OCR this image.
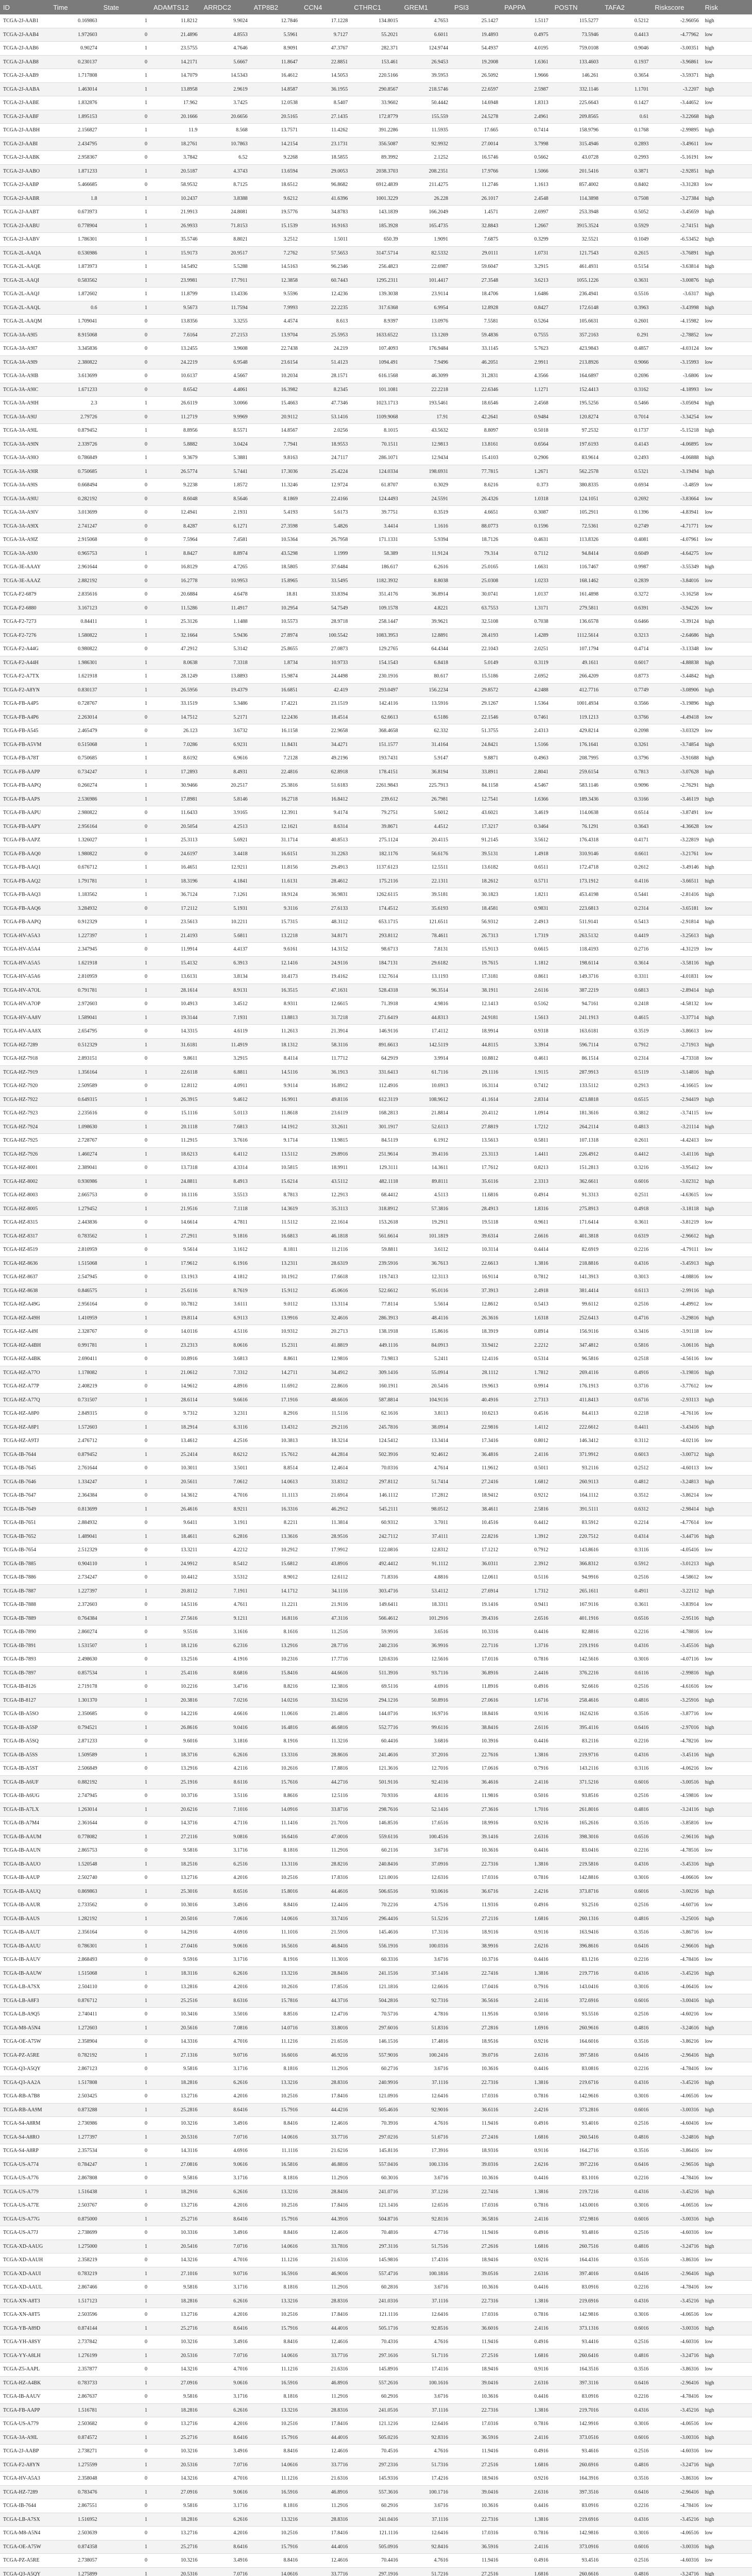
ID	Time	State	ADAMTS12	ARRDC2	ATP8B2	CCN4	CTHRC1	GREM1	PSI3	PAPPA	POSTN	TAFA2	Riskscore	Risk
TCGA-2J-AAB1	0.169863	1	11.8212	9.9024	12.7846	17.1228	134.8015	4.7653	25.1427	1.5117	115.5277	0.5212	-2.96056	high
TCGA-2J-AAB4	1.972603	0	21.4896	4.8553	5.5961	9.7127	55.2021	6.6011	19.4893	0.4975	73.5946	0.4413	-4.77962	low
TCGA-2J-AAB6	0.90274	1	23.5755	4.7646	8.9091	47.3767	282.371	124.9744	54.4937	4.0195	759.0108	0.9046	-3.00351	high
TCGA-2J-AAB8	0.230137	0	14.2171	5.6667	11.8647	22.8851	153.461	26.9453	19.2008	1.6361	133.4603	0.1937	-3.96861	low
TCGA-2J-AAB9	1.717808	1	14.7079	14.5343	16.4612	14.5053	220.5166	39.5953	26.5092	1.9666	146.261	0.3654	-3.59371	high
TCGA-2J-AABA	1.463014	1	13.8958	2.9619	14.8587	36.1955	290.8567	218.5746	22.6597	2.5987	332.1146	1.1701	-3.2207	high
TCGA-2J-AABE	1.832876	1	17.962	3.7425	12.0538	8.5407	33.9602	50.4442	14.6948	1.8313	225.6643	0.1427	-3.44652	low
TCGA-2J-AABF	1.895153	0	20.1666	20.6656	20.5165	27.1435	172.8779	155.559	24.5278	2.4961	209.8565	0.61	-3.22668	high
TCGA-2J-AABH	2.156827	1	11.9	8.568	13.7571	11.4262	391.2286	11.5935	17.665	0.7414	158.9796	0.1768	-2.99895	high
TCGA-2J-AABI	2.434795	0	18.2761	10.7863	14.2154	23.1731	356.5087	92.9932	27.0014	3.7998	315.4946	0.2893	-3.49611	low
TCGA-2J-AABK	2.958367	0	3.7842	6.52	9.2268	18.5855	89.3992	2.1252	16.5746	0.5662	43.0728	0.2993	-5.16191	low
TCGA-2J-AABO	1.871233	1	20.5187	4.3743	13.6594	29.0053	2038.3703	208.2351	17.9766	1.5066	201.5416	0.3871	-2.92851	high
TCGA-2J-AABP	5.466685	0	58.9532	8.7125	18.6512	96.8682	6912.4839	211.4275	11.2746	1.1613	857.4002	0.8402	-3.31283	low
TCGA-2J-AABR	1.8	1	10.2437	3.8388	9.6212	41.6396	1001.3229	26.228	26.1017	2.4548	114.3898	0.7508	-3.27384	high
TCGA-2J-AABT	0.673973	1	21.9913	24.8081	19.5776	34.8783	143.1839	166.2049	1.4571	2.6997	253.3948	0.5052	-3.45659	high
TCGA-2J-AABU	0.778904	1	26.9933	71.8153	15.1539	16.9163	185.3928	165.4735	32.8843	1.2667	3915.3524	0.5929	-2.74151	high
TCGA-2J-AABV	1.786301	1	35.5746	8.8021	3.2512	1.5011	650.39	1.9091	7.6875	0.3299	32.5521	0.1049	-6.53452	high
TCGA-2L-AAQA	0.536986	1	15.9173	20.9517	7.2762	57.5653	3147.5714	82.5332	29.0111	1.0731	121.7543	0.2615	-3.76891	high
TCGA-2L-AAQE	1.873973	1	14.5492	5.5288	14.5163	96.2346	256.4823	22.6987	59.6047	3.2915	461.4931	0.5154	-3.63814	high
TCGA-2L-AAQI	0.583562	1	23.9981	17.7911	12.3858	60.7443	1295.2311	101.4417	27.3548	3.6213	1055.1226	0.3631	-3.00876	high
TCGA-2L-AAQJ	1.872602	1	11.8799	13.4336	9.5596	12.4236	139.3038	23.9114	18.4706	1.6486	236.4941	0.5516	-3.6317	high
TCGA-2L-AAQL	0.6	1	9.5673	11.7594	7.9993	22.2235	317.6368	6.9954	12.8928	0.8427	172.6148	0.3963	-3.43998	high
TCGA-2L-AAQM	1.709041	0	13.8356	3.3255	4.4574	8.613	8.9397	13.0976	7.5581	0.5264	105.6631	0.2601	-4.15982	low
TCGA-3A-A9I5	8.915068	0	7.6164	27.2153	13.9704	25.5953	1633.6522	13.1269	59.4836	0.7555	357.2163	0.291	-2.78852	low
TCGA-3A-A9I7	3.345836	0	13.2455	3.9608	22.7438	24.219	107.4093	176.9484	33.1145	5.7623	423.9843	0.4857	-4.03124	low
TCGA-3A-A9I9	2.380822	0	24.2219	6.9548	23.6154	51.4123	1094.491	7.9496	46.2051	2.9911	213.8926	0.9066	-3.15993	low
TCGA-3A-A9IB	3.613699	0	10.6137	4.5667	10.2034	28.1571	616.1568	46.3099	31.2831	4.3566	164.6897	0.2696	-3.6806	low
TCGA-3A-A9IC	1.671233	0	8.6542	4.4061	16.3982	8.2345	101.1081	22.2218	22.6346	1.1271	152.4413	0.3162	-4.18993	low
TCGA-3A-A9IH	2.3	1	26.6119	3.0066	15.4663	47.7346	1023.1713	193.5461	18.6546	2.4568	195.5256	0.5466	-3.05694	high
TCGA-3A-A9IJ	2.79726	0	11.2719	9.9969	20.9112	53.1416	1109.9068	17.91	42.2641	0.9484	120.8274	0.7014	-3.34254	low
TCGA-3A-A9IL	0.879452	1	8.8956	8.5571	14.8567	2.0256	8.1015	43.5632	8.8097	0.5018	97.2532	0.1737	-5.15218	high
TCGA-3A-A9IN	2.339726	0	5.8882	3.0424	7.7941	18.9553	70.1511	12.9813	13.8161	0.6564	197.6193	0.4143	-4.06895	low
TCGA-3A-A9IO	0.786849	1	9.3679	5.3881	9.8163	24.7117	286.1071	12.9434	15.4103	0.2906	83.9614	0.2493	-4.06888	high
TCGA-3A-A9IR	0.750685	1	26.5774	5.7441	17.3036	25.4224	124.0334	198.6931	77.7815	1.2671	562.2578	0.5321	-3.19494	high
TCGA-3A-A9IS	0.668494	0	9.2238	1.8572	11.3246	12.9724	61.8707	0.3029	8.6216	0.373	380.8335	0.6934	-3.4859	low
TCGA-3A-A9IU	0.282192	0	8.6048	8.5646	8.1869	22.4166	124.4493	24.5591	26.4326	1.0318	124.1051	0.2692	-3.83664	low
TCGA-3A-A9IV	3.013699	0	12.4941	2.1931	5.4193	5.6173	39.7751	0.3519	4.6651	0.3087	105.2911	0.1396	-4.83941	low
TCGA-3A-A9IX	2.741247	0	8.4287	6.1271	27.3598	5.4826	3.4414	1.1616	88.0773	0.1596	72.5361	0.2749	-4.71771	low
TCGA-3A-A9IZ	2.915068	0	7.5964	7.4581	10.5364	26.7958	171.1331	5.9394	18.7126	0.4631	113.8326	0.4081	-4.07961	low
TCGA-3A-A9J0	0.965753	1	8.8427	8.8974	43.5298	1.1999	58.389	11.9124	79.314	0.7112	94.8414	0.6049	-4.64275	low
TCGA-3E-AAAY	2.961644	0	16.8129	4.7265	18.5805	37.6484	186.617	6.2616	25.0165	1.6631	116.7467	0.9987	-3.55349	high
TCGA-3E-AAAZ	2.882192	0	16.2778	10.9953	15.8965	33.5495	1182.3932	8.8038	25.0308	1.0233	168.1462	0.2839	-3.84016	low
TCGA-F2-6879	2.835616	0	20.6884	4.6478	18.81	33.8394	351.4176	36.8914	30.0741	1.0137	161.4898	0.3272	-3.16258	low
TCGA-F2-6880	3.167123	0	11.5286	11.4917	10.2954	54.7549	109.1578	4.8221	63.7553	1.3171	279.5811	0.6391	-3.94226	low
TCGA-F2-7273	0.84411	1	25.3126	1.1488	10.5573	28.9718	258.1447	39.9621	32.5108	0.7038	136.6578	0.6466	-3.39124	high
TCGA-F2-7276	1.580822	1	32.1664	5.9436	27.8974	100.5542	1083.3953	12.8891	28.4193	1.4289	1112.5614	0.3213	-2.64686	high
TCGA-F2-A44G	0.980822	0	47.2912	5.3142	25.8655	27.0873	129.2765	64.4344	22.1043	2.0251	107.1794	0.4714	-3.13348	low
TCGA-F2-A44H	1.986301	1	8.0638	7.3318	1.8734	10.9733	154.1543	6.8418	5.0149	0.3119	49.1611	0.6017	-4.88838	high
TCGA-F2-A7TX	1.621918	1	28.1249	13.8893	15.9874	24.4498	230.1916	80.617	15.5186	2.6952	266.4209	0.8773	-3.44842	high
TCGA-F2-A8YN	0.830137	1	26.5956	19.4379	16.6851	42.419	293.0497	156.2234	29.8572	4.2488	412.7716	0.7749	-3.08906	high
TCGA-FB-A4P5	0.728767	1	33.1519	5.3486	17.4221	23.1519	142.4116	13.5916	29.1267	1.5364	1001.4934	0.3566	-3.19896	high
TCGA-FB-A4P6	2.263014	0	14.7512	5.2171	12.2436	18.4514	62.6613	6.5186	22.1546	0.7461	119.1213	0.3766	-4.49418	low
TCGA-FB-A545	2.465479	0	26.123	3.6732	16.1158	22.9658	368.4658	62.332	51.3755	2.4313	429.8214	0.2098	-3.03329	low
TCGA-FB-A5VM	0.515068	1	7.0286	6.9231	11.8431	34.4271	151.1577	31.4164	24.8421	1.5166	176.1641	0.3261	-3.74854	high
TCGA-FB-A78T	0.750685	1	8.6192	6.9616	7.2128	49.2196	193.7431	5.9147	9.8871	0.4963	208.7995	0.3796	-3.91688	high
TCGA-FB-AAPP	0.734247	1	17.2893	8.4931	22.4816	62.8918	178.4151	36.8194	33.8911	2.8041	259.6154	0.7813	-3.07628	high
TCGA-FB-AAPQ	0.260274	1	30.9466	20.2517	25.3816	51.6183	2261.9843	225.7913	84.1158	4.5467	583.1146	0.9096	-2.76291	high
TCGA-FB-AAPS	2.536986	1	17.8981	5.8146	16.2718	16.8412	239.612	26.7981	12.7541	1.6366	189.3436	0.3166	-3.46119	high
TCGA-FB-AAPU	2.980822	0	11.6433	3.9165	12.3911	9.4174	79.2751	5.6012	43.6021	3.4619	114.0638	0.6514	-3.87491	low
TCGA-FB-AAPY	2.956164	0	20.5054	4.2513	12.1621	8.6314	39.8671	4.4512	17.3217	0.3464	76.1291	0.3643	-4.36628	low
TCGA-FB-AAPZ	1.326027	1	25.3113	5.6921	31.1714	40.8513	275.1124	20.4115	91.2145	3.5612	176.4318	0.4171	-3.22819	high
TCGA-FB-AAQ0	1.980822	0	24.6197	3.4418	16.6151	31.2263	182.1176	56.6176	39.5131	1.4918	310.9146	0.6611	-3.21761	low
TCGA-FB-AAQ1	0.676712	1	16.4651	12.9211	11.8156	29.4913	1137.6123	12.5511	13.6182	0.6511	172.4718	0.2612	-3.49146	high
TCGA-FB-AAQ2	1.791781	1	18.3196	4.1841	11.6131	28.4612	175.2116	22.1311	18.2612	0.5711	173.1912	0.4116	-3.66511	high
TCGA-FB-AAQ3	1.183562	1	36.7124	7.1261	18.9124	36.9831	1262.6115	39.5181	30.1823	1.8211	453.4198	0.5441	-2.81416	high
TCGA-FB-AAQ6	3.284932	0	17.2112	5.1931	9.3116	27.6133	174.4512	35.6193	18.4581	0.9831	223.6813	0.2314	-3.65181	low
TCGA-FB-AAPQ	0.912329	1	23.5613	10.2211	15.7315	48.3112	653.1715	121.6511	56.9312	2.4913	511.9141	0.5413	-2.91814	high
TCGA-HV-A5A3	1.227397	1	21.4193	5.6811	13.2218	34.8171	293.8112	78.4611	26.7313	1.7319	263.5132	0.4419	-3.25613	high
TCGA-HV-A5A4	2.347945	0	11.9914	4.4137	9.6161	14.3152	98.6713	7.8131	15.9113	0.6615	118.4193	0.2716	-4.31219	low
TCGA-HV-A5A5	1.621918	1	15.4132	6.3913	12.1416	24.9116	184.7131	29.6182	19.7615	1.1812	198.6114	0.3614	-3.58116	high
TCGA-HV-A5A6	2.810959	0	13.6131	3.8134	10.4173	19.4162	132.7614	13.1193	17.3181	0.8611	149.3716	0.3311	-4.01831	low
TCGA-HV-A7OL	0.791781	1	28.1614	8.9131	16.3515	47.1631	528.4318	96.3514	38.1911	2.6116	387.2219	0.6813	-2.89414	high
TCGA-HV-A7OP	2.972603	0	10.4913	3.4512	8.9311	12.6615	71.3918	4.9816	12.1413	0.5162	94.7161	0.2418	-4.58132	low
TCGA-HV-AA8V	1.589041	1	19.3144	7.1931	13.8813	31.7218	271.6419	44.8313	24.9181	1.5613	241.1913	0.4615	-3.37714	high
TCGA-HV-AA8X	2.654795	0	14.3315	4.6119	11.2613	21.3914	146.9116	17.4112	18.9914	0.9318	163.6181	0.3519	-3.86613	low
TCGA-HZ-7289	0.512329	1	31.6181	11.4919	18.1312	58.3116	891.6613	142.5119	44.8115	3.3914	596.7114	0.7912	-2.71913	high
TCGA-HZ-7918	2.893151	0	9.8611	3.2915	8.4114	11.7712	64.2919	3.9914	10.8812	0.4611	86.1514	0.2314	-4.73318	low
TCGA-HZ-7919	1.356164	1	22.6118	6.8811	14.5116	36.1913	331.6413	61.7116	29.1116	1.9115	287.9913	0.5119	-3.14816	high
TCGA-HZ-7920	2.509589	0	12.8112	4.0911	9.9114	16.8912	112.4916	10.6913	16.3114	0.7412	133.5112	0.2913	-4.16615	low
TCGA-HZ-7922	0.649315	1	26.3915	9.4612	16.9911	49.8116	612.3119	108.9612	41.1614	2.8314	423.8818	0.6515	-2.94419	high
TCGA-HZ-7923	2.235616	0	15.1116	5.0113	11.8618	23.6119	168.2813	21.8814	20.4112	1.0914	181.3616	0.3812	-3.74115	low
TCGA-HZ-7924	1.098630	1	20.1118	7.6813	14.1912	33.2611	301.1917	52.6113	27.8819	1.7212	264.2114	0.4813	-3.21114	high
TCGA-HZ-7925	2.728767	0	11.2915	3.7616	9.1714	13.9815	84.5119	6.1912	13.5613	0.5811	107.1318	0.2611	-4.42413	low
TCGA-HZ-7926	1.460274	1	18.6213	6.4112	13.5112	29.8916	251.9614	39.4116	23.3113	1.4411	226.4912	0.4412	-3.41116	high
TCGA-HZ-8001	2.389041	0	13.7318	4.3314	10.5815	18.9911	129.3111	14.3611	17.7612	0.8213	151.2813	0.3216	-3.95412	low
TCGA-HZ-8002	0.936986	1	24.8811	8.4913	15.6214	43.5112	482.1118	89.8111	35.6116	2.3313	362.6611	0.6016	-3.02312	high
TCGA-HZ-8003	2.665753	0	10.1116	3.5513	8.7813	12.2913	68.4412	4.5113	11.6816	0.4914	91.3313	0.2511	-4.63615	low
TCGA-HZ-8005	1.279452	1	21.9516	7.1118	14.3619	35.3113	318.8912	57.3816	28.4913	1.8316	275.8913	0.4918	-3.18118	high
TCGA-HZ-8315	2.443836	0	14.6614	4.7811	11.5112	22.1614	153.2618	19.2911	19.5118	0.9611	171.6414	0.3611	-3.81219	low
TCGA-HZ-8317	0.783562	1	27.2911	9.1816	16.6813	46.1818	561.6614	101.1819	39.6314	2.6616	401.3818	0.6319	-2.96612	high
TCGA-HZ-8519	2.810959	0	9.5614	3.1612	8.1811	11.2116	59.8811	3.6112	10.3114	0.4414	82.6919	0.2216	-4.79111	low
TCGA-HZ-8636	1.515068	1	17.9612	6.1916	13.2311	28.6319	239.5916	36.7613	22.6613	1.3816	218.8816	0.4316	-3.45913	high
TCGA-HZ-8637	2.547945	0	13.1913	4.1812	10.1912	17.6618	119.7413	12.3113	16.9114	0.7812	141.3913	0.3013	-4.08816	low
TCGA-HZ-8638	0.846575	1	25.6116	8.7619	15.9112	45.0616	522.6612	95.0116	37.3913	2.4918	381.4414	0.6113	-2.99116	high
TCGA-HZ-A49G	2.956164	0	10.7812	3.6111	9.0112	13.3114	77.8114	5.5614	12.8612	0.5413	99.6112	0.2516	-4.49912	low
TCGA-HZ-A49H	1.410959	1	19.8114	6.9113	13.9916	32.4616	286.3913	48.4116	26.3616	1.6318	252.6413	0.4716	-3.29816	high
TCGA-HZ-A49I	2.328767	0	14.0116	4.5116	10.9312	20.2713	138.1918	15.8616	18.3919	0.8914	156.9116	0.3416	-3.91118	low
TCGA-HZ-A4BH	0.991781	1	23.2313	8.0616	15.2311	41.8819	449.1116	84.0913	33.9412	2.2212	347.4812	0.5816	-3.06116	high
TCGA-HZ-A4BK	2.690411	0	10.8916	3.6813	8.8611	12.9816	73.9813	5.2411	12.4116	0.5314	96.5816	0.2518	-4.56116	low
TCGA-HZ-A77O	1.178082	1	21.0612	7.3312	14.2711	34.4912	309.1416	55.0914	28.1112	1.7812	269.4116	0.4916	-3.19816	high
TCGA-HZ-A77P	2.408219	0	14.9612	4.8916	11.6912	22.8616	160.1911	20.5416	19.9613	0.9914	176.1913	0.3716	-3.77612	low
TCGA-HZ-A77Q	0.731507	1	28.6114	9.6616	17.1916	48.6616	587.8814	104.9116	40.4916	2.7313	411.8413	0.6716	-2.93113	high
TCGA-HZ-A8P0	2.849315	0	9.7312	3.2311	8.2916	11.5116	62.1616	3.8113	10.6213	0.4516	84.4113	0.2218	-4.76116	low
TCGA-HZ-A8P1	1.572603	1	18.2914	6.3116	13.4312	29.2116	245.7816	38.0914	22.9816	1.4112	222.6612	0.4411	-3.43416	high
TCGA-HZ-A9TJ	2.476712	0	13.4612	4.2516	10.3813	18.3214	124.5412	13.3414	17.3416	0.8012	146.3412	0.3112	-4.02116	low
TCGA-IB-7644	0.879452	1	25.2414	8.6212	15.7612	44.2814	502.3916	92.4612	36.4816	2.4116	371.9912	0.6013	-3.00712	high
TCGA-IB-7645	2.761644	0	10.3011	3.5011	8.8514	12.4614	70.0316	4.7614	11.9612	0.5011	93.2116	0.2512	-4.60113	low
TCGA-IB-7646	1.334247	1	20.5611	7.0612	14.0613	33.8312	297.8112	51.7414	27.2416	1.6812	260.9113	0.4812	-3.24813	high
TCGA-IB-7647	2.364384	0	14.3612	4.7016	11.1113	21.6914	146.1112	17.2812	18.9412	0.9212	164.1112	0.3512	-3.86214	low
TCGA-IB-7649	0.813699	1	26.4616	8.9211	16.3316	46.2912	545.2111	98.0512	38.4611	2.5816	391.5111	0.6312	-2.98414	high
TCGA-IB-7651	2.884932	0	9.6411	3.1911	8.2211	11.3814	60.9312	3.7011	10.4516	0.4412	83.5912	0.2214	-4.77614	low
TCGA-IB-7652	1.489041	1	18.4611	6.2816	13.3616	28.9516	242.7112	37.4111	22.8216	1.3912	220.7512	0.4314	-3.44716	high
TCGA-IB-7654	2.512329	0	13.3211	4.2212	10.2912	17.9912	122.0816	12.8312	17.1212	0.7912	143.8616	0.3116	-4.05416	low
TCGA-IB-7885	0.904110	1	24.9912	8.5412	15.6812	43.8916	492.4412	91.1112	36.0311	2.3912	366.8312	0.5912	-3.01213	high
TCGA-IB-7886	2.734247	0	10.4412	3.5312	8.9012	12.6112	71.8316	4.8816	12.0611	0.5116	94.9916	0.2516	-4.58612	low
TCGA-IB-7887	1.227397	1	20.8112	7.1911	14.1712	34.1116	303.4716	53.4112	27.6914	1.7312	265.1611	0.4911	-3.22112	high
TCGA-IB-7888	2.372603	0	14.5116	4.7611	11.2211	21.9116	149.6411	18.3311	19.1416	0.9411	167.9116	0.3611	-3.83914	low
TCGA-IB-7889	0.764384	1	27.5616	9.1211	16.8116	47.3116	566.4612	101.2916	39.4316	2.6516	401.1916	0.6516	-2.95116	high
TCGA-IB-7890	2.860274	0	9.5516	3.1616	8.1616	11.2516	59.9916	3.6516	10.3316	0.4416	82.8816	0.2216	-4.78816	low
TCGA-IB-7891	1.531507	1	18.1216	6.2316	13.2916	28.7716	240.2316	36.9916	22.7116	1.3716	219.1916	0.4316	-3.45516	high
TCGA-IB-7893	2.498630	0	13.2516	4.1916	10.2316	17.7716	120.6316	12.5616	17.0116	0.7816	142.5616	0.3016	-4.07116	low
TCGA-IB-7897	0.857534	1	25.4116	8.6816	15.8416	44.6616	511.3916	93.7116	36.8916	2.4416	376.2216	0.6116	-2.99816	high
TCGA-IB-8126	2.719178	0	10.2216	3.4716	8.8216	12.3816	69.5116	4.6916	11.8916	0.4916	92.6616	0.2516	-4.61616	low
TCGA-IB-8127	1.301370	1	20.3816	7.0216	14.0216	33.6216	294.1216	50.8916	27.0616	1.6716	258.4616	0.4816	-3.25916	high
TCGA-IB-A5SO	2.350685	0	14.2216	4.6616	11.0616	21.4816	144.0716	16.9716	18.8416	0.9116	162.6216	0.3516	-3.87716	low
TCGA-IB-A5SP	0.794521	1	26.8616	9.0416	16.4816	46.6816	552.7716	99.6116	38.8416	2.6116	395.4116	0.6416	-2.97016	high
TCGA-IB-A5SQ	2.871233	0	9.6016	3.1816	8.1916	11.3216	60.4416	3.6816	10.3916	0.4416	83.2116	0.2216	-4.78216	low
TCGA-IB-A5SS	1.509589	1	18.3716	6.2616	13.3316	28.8616	241.4616	37.2016	22.7616	1.3816	219.9716	0.4316	-3.45116	high
TCGA-IB-A5ST	2.506849	0	13.2916	4.2116	10.2616	17.8816	121.3616	12.7016	17.0616	0.7916	143.2116	0.3116	-4.06216	low
TCGA-IB-A6UF	0.882192	1	25.1916	8.6116	15.7616	44.2716	501.9116	92.4116	36.4616	2.4116	371.5216	0.6016	-3.00516	high
TCGA-IB-A6UG	2.747945	0	10.3716	3.5116	8.8616	12.5116	70.9316	4.8116	11.9816	0.5016	93.8516	0.2516	-4.59816	low
TCGA-IB-A7LX	1.263014	1	20.6216	7.1016	14.0916	33.8716	298.7616	52.1416	27.3616	1.7016	261.8016	0.4816	-3.24116	high
TCGA-IB-A7M4	2.361644	0	14.3716	4.7116	11.1416	21.7016	146.8516	17.6516	18.9916	0.9216	165.2616	0.3516	-3.85816	low
TCGA-IB-AAUM	0.778082	1	27.2116	9.0816	16.6416	47.0016	559.6116	100.4516	39.1416	2.6316	398.3016	0.6516	-2.96116	high
TCGA-IB-AAUN	2.865753	0	9.5816	3.1716	8.1816	11.2916	60.2116	3.6716	10.3616	0.4416	83.0416	0.2216	-4.78516	low
TCGA-IB-AAUO	1.520548	1	18.2516	6.2516	13.3116	28.8216	240.8416	37.0916	22.7316	1.3816	219.5816	0.4316	-3.45316	high
TCGA-IB-AAUP	2.502740	0	13.2716	4.2016	10.2516	17.8316	121.0016	12.6316	17.0316	0.7816	142.8816	0.3016	-4.06616	low
TCGA-IB-AAUQ	0.869863	1	25.3016	8.6516	15.8016	44.4616	506.6516	93.0616	36.6716	2.4216	373.8716	0.6016	-3.00216	high
TCGA-IB-AAUR	2.733562	0	10.3016	3.4916	8.8416	12.4416	70.2216	4.7516	11.9316	0.4916	93.2516	0.2516	-4.60716	low
TCGA-IB-AAUS	1.282192	1	20.5016	7.0616	14.0616	33.7416	296.4416	51.5216	27.2116	1.6816	260.1316	0.4816	-3.25016	high
TCGA-IB-AAUT	2.356164	0	14.2916	4.6916	11.1016	21.5916	145.4616	17.3116	18.9116	0.9116	163.9416	0.3516	-3.86716	low
TCGA-IB-AAUU	0.786301	1	27.0416	9.0616	16.5616	46.8416	556.1916	100.0316	38.9916	2.6216	396.8616	0.6416	-2.96616	high
TCGA-IB-AAUV	2.868493	0	9.5916	3.1716	8.1916	11.3016	60.3316	3.6716	10.3716	0.4416	83.1216	0.2216	-4.78416	low
TCGA-IB-AAUW	1.515068	1	18.3116	6.2616	13.3216	28.8416	241.1516	37.1416	22.7416	1.3816	219.7716	0.4316	-3.45216	high
TCGA-LB-A7SX	2.504110	0	13.2816	4.2016	10.2616	17.8516	121.1816	12.6616	17.0416	0.7916	143.0416	0.3016	-4.06416	low
TCGA-LB-A8F3	0.876712	1	25.2516	8.6316	15.7816	44.3716	504.2816	92.7316	36.5616	2.4116	372.6916	0.6016	-3.00416	high
TCGA-LB-A9Q5	2.740411	0	10.3416	3.5016	8.8516	12.4716	70.5716	4.7816	11.9516	0.5016	93.5516	0.2516	-4.60216	low
TCGA-M8-A5N4	1.272603	1	20.5616	7.0816	14.0716	33.8016	297.6016	51.8316	27.2816	1.6916	260.9616	0.4816	-3.24616	high
TCGA-OE-A75W	2.358904	0	14.3316	4.7016	11.1216	21.6516	146.1516	17.4816	18.9516	0.9216	164.6016	0.3516	-3.86216	low
TCGA-PZ-A5RE	0.782192	1	27.1316	9.0716	16.6016	46.9216	557.9016	100.2416	39.0716	2.6316	397.5816	0.6416	-2.96416	high
TCGA-Q3-A5QY	2.867123	0	9.5816	3.1716	8.1816	11.2916	60.2716	3.6716	10.3616	0.4416	83.0816	0.2216	-4.78416	low
TCGA-Q3-AA2A	1.517808	1	18.2816	6.2616	13.3216	28.8316	240.9916	37.1116	22.7316	1.3816	219.6716	0.4316	-3.45216	high
TCGA-RB-A7B8	2.503425	0	13.2716	4.2016	10.2516	17.8416	121.0916	12.6416	17.0316	0.7816	142.9616	0.3016	-4.06516	low
TCGA-RB-AA9M	0.873288	1	25.2816	8.6416	15.7916	44.4216	505.4616	92.9016	36.6116	2.4216	373.2816	0.6016	-3.00316	high
TCGA-S4-A8RM	2.736986	0	10.3216	3.4916	8.8416	12.4616	70.3916	4.7616	11.9416	0.4916	93.4016	0.2516	-4.60416	low
TCGA-S4-A8RO	1.277397	1	20.5316	7.0716	14.0616	33.7716	297.0216	51.6716	27.2416	1.6816	260.5416	0.4816	-3.24816	high
TCGA-S4-A8RP	2.357534	0	14.3116	4.6916	11.1116	21.6216	145.8116	17.3916	18.9316	0.9116	164.2716	0.3516	-3.86416	low
TCGA-US-A774	0.784247	1	27.0816	9.0616	16.5816	46.8816	557.0416	100.1316	39.0316	2.6216	397.2216	0.6416	-2.96516	high
TCGA-US-A776	2.867808	0	9.5816	3.1716	8.1816	11.2916	60.3016	3.6716	10.3616	0.4416	83.1016	0.2216	-4.78416	low
TCGA-US-A779	1.516438	1	18.2916	6.2616	13.3216	28.8416	241.0716	37.1216	22.7416	1.3816	219.7216	0.4316	-3.45216	high
TCGA-US-A77E	2.503767	0	13.2716	4.2016	10.2516	17.8416	121.1416	12.6516	17.0316	0.7816	143.0016	0.3016	-4.06516	low
TCGA-US-A77G	0.875000	1	25.2716	8.6416	15.7916	44.3916	504.8716	92.8116	36.5816	2.4116	372.9816	0.6016	-3.00316	high
TCGA-US-A77J	2.738699	0	10.3316	3.4916	8.8416	12.4616	70.4816	4.7716	11.9416	0.4916	93.4816	0.2516	-4.60316	low
TCGA-XD-AAUG	1.275000	1	20.5416	7.0716	14.0616	33.7816	297.3116	51.7516	27.2616	1.6816	260.7516	0.4816	-3.24716	high
TCGA-XD-AAUH	2.358219	0	14.3216	4.7016	11.1216	21.6316	145.9816	17.4316	18.9416	0.9216	164.4316	0.3516	-3.86316	low
TCGA-XD-AAUI	0.783219	1	27.1016	9.0716	16.5916	46.9016	557.4716	100.1816	39.0516	2.6316	397.4016	0.6416	-2.96416	high
TCGA-XD-AAUL	2.867466	0	9.5816	3.1716	8.1816	11.2916	60.2816	3.6716	10.3616	0.4416	83.0916	0.2216	-4.78416	low
TCGA-XN-A8T3	1.517123	1	18.2816	6.2616	13.3216	28.8316	241.0316	37.1116	22.7316	1.3816	219.6916	0.4316	-3.45216	high
TCGA-XN-A8T5	2.503596	0	13.2716	4.2016	10.2516	17.8416	121.1116	12.6416	17.0316	0.7816	142.9816	0.3016	-4.06516	low
TCGA-YB-A89D	0.874144	1	25.2716	8.6416	15.7916	44.4016	505.1716	92.8516	36.6016	2.4116	373.1316	0.6016	-3.00316	high
TCGA-YH-A8SY	2.737842	0	10.3216	3.4916	8.8416	12.4616	70.4316	4.7616	11.9416	0.4916	93.4416	0.2516	-4.60316	low
TCGA-YY-A8LH	1.276199	1	20.5316	7.0716	14.0616	33.7716	297.1616	51.7116	27.2516	1.6816	260.6416	0.4816	-3.24716	high
TCGA-Z5-AAPL	2.357877	0	14.3216	4.7016	11.1216	21.6316	145.8916	17.4116	18.9416	0.9116	164.3516	0.3516	-3.86316	low
TCGA-HZ-A4BK	0.783733	1	27.0916	9.0616	16.5916	46.8916	557.2616	100.1616	39.0416	2.6316	397.3116	0.6416	-2.96416	high
TCGA-IB-AAUV	2.867637	0	9.5816	3.1716	8.1816	11.2916	60.2916	3.6716	10.3616	0.4416	83.0916	0.2216	-4.78416	low
TCGA-FB-AAPP	1.516781	1	18.2816	6.2616	13.3216	28.8316	241.0516	37.1116	22.7316	1.3816	219.7016	0.4316	-3.45216	high
TCGA-US-A779	2.503682	0	13.2716	4.2016	10.2516	17.8416	121.1216	12.6416	17.0316	0.7816	142.9916	0.3016	-4.06516	low
TCGA-3A-A9IL	0.874572	1	25.2716	8.6416	15.7916	44.4016	505.0216	92.8316	36.5916	2.4116	373.0516	0.6016	-3.00316	high
TCGA-2J-AABP	2.738271	0	10.3216	3.4916	8.8416	12.4616	70.4516	4.7616	11.9416	0.4916	93.4616	0.2516	-4.60316	low
TCGA-F2-A8YN	1.275599	1	20.5316	7.0716	14.0616	33.7716	297.2316	51.7316	27.2516	1.6816	260.6916	0.4816	-3.24716	high
TCGA-HV-A5A3	2.358048	0	14.3216	4.7016	11.1216	21.6316	145.9316	17.4216	18.9416	0.9216	164.3916	0.3516	-3.86316	low
TCGA-HZ-7289	0.783476	1	27.0916	9.0616	16.5916	46.8916	557.3616	100.1716	39.0416	2.6316	397.3516	0.6416	-2.96416	high
TCGA-IB-7644	2.867551	0	9.5816	3.1716	8.1816	11.2916	60.2916	3.6716	10.3616	0.4416	83.0916	0.2216	-4.78416	low
TCGA-LB-A7SX	1.516952	1	18.2816	6.2616	13.3216	28.8316	241.0416	37.1116	22.7316	1.3816	219.6916	0.4316	-3.45216	high
TCGA-M8-A5N4	2.503639	0	13.2716	4.2016	10.2516	17.8416	121.1116	12.6416	17.0316	0.7816	142.9816	0.3016	-4.06516	low
TCGA-OE-A75W	0.874358	1	25.2716	8.6416	15.7916	44.4016	505.0916	92.8416	36.5916	2.4116	373.0916	0.6016	-3.00316	high
TCGA-PZ-A5RE	2.738057	0	10.3216	3.4916	8.8416	12.4616	70.4416	4.7616	11.9416	0.4916	93.4516	0.2516	-4.60316	low
TCGA-Q3-A5QY	1.275899	1	20.5316	7.0716	14.0616	33.7716	297.1916	51.7216	27.2516	1.6816	260.6616	0.4816	-3.24716	high
